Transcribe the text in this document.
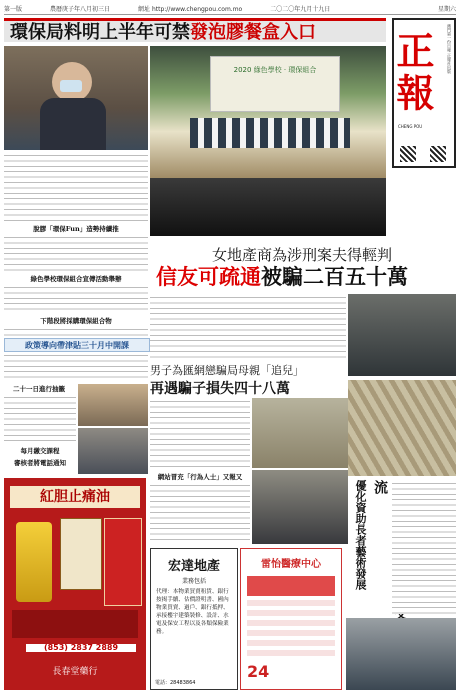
第一版	農曆庚子年八月初三日	網址 http://www.chengpou.com.mo	二〇二〇年九月十九日	星期六
環保局料明上半年可禁發泡膠餐盒入口	正報	澳門第一份日報 正報社出版
CHENG POU
2020 綠色學校 · 環保組合
脫膠「環保Fun」造勢持續推
綠色學校環保組合宣傳活動舉辦
下階段將採購環保組合物
政策導向帶津貼三十月中開課
二十一日進行抽籤
每月繳交課程
審核者將電話通知
女地產商為涉刑案夫得輕判
信友可疏通被騙二百五十萬
男子為匯網戀騙局母親「追兒」
再遇騙子損失四十八萬
網站冒充「行為人士」又報又
優化資助長者藝術發展 流
紅胆止痛油
(853) 2837 2889
長春堂藥行
宏達地產
業務包括
代理：本物業買賣租賃、銀行按揭手續、估價證明書、國內物業買賣、過戶、銀行抵押、承接樓宇建築裝修、設計、水電及保安工程以及各類保險業務。
電話：28483864
雷怡醫療中心
24
